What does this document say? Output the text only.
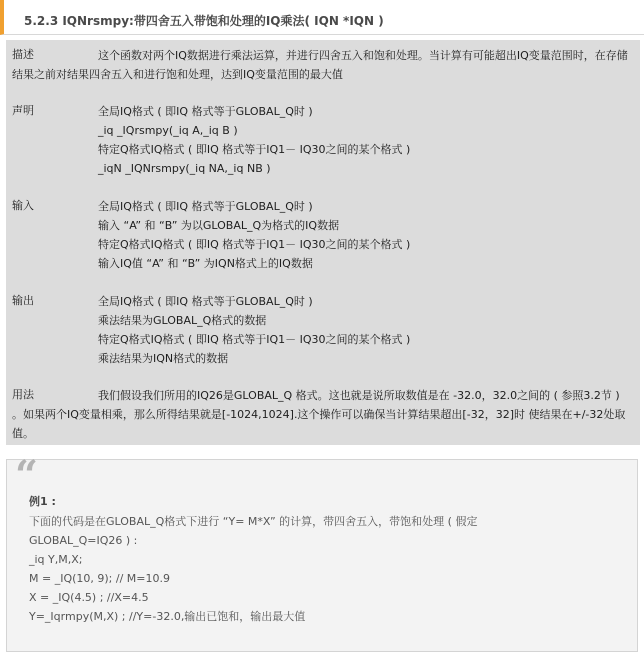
5.2.3 IQNrsmpy:带四舍五入带饱和处理的IQ乘法( IQN *IQN )
描述	这个函数对两个IQ数据进行乘法运算，并进行四舍五入和饱和处理。当计算有可能超出IQ变量范围时，在存储结果之前对结果四舍五入和进行饱和处理，达到IQ变量范围的最大值
声明	全局IQ格式 ( 即IQ 格式等于GLOBAL_Q时 )
_iq _IQrsmpy(_iq A,_iq B )
特定Q格式IQ格式 ( 即IQ 格式等于IQ1－ IQ30之间的某个格式 )
_iqN _IQNrsmpy(_iq NA,_iq NB )
输入	全局IQ格式 ( 即IQ 格式等于GLOBAL_Q时 )
输入 “A” 和 “B” 为以GLOBAL_Q为格式的IQ数据
特定Q格式IQ格式 ( 即IQ 格式等于IQ1－ IQ30之间的某个格式 )
输入IQ值 “A” 和 “B” 为IQN格式上的IQ数据
输出	全局IQ格式 ( 即IQ 格式等于GLOBAL_Q时 )
乘法结果为GLOBAL_Q格式的数据
特定Q格式IQ格式 ( 即IQ 格式等于IQ1－ IQ30之间的某个格式 )
乘法结果为IQN格式的数据
用法	我们假设我们所用的IQ26是GLOBAL_Q 格式。这也就是说所取数值是在 -32.0，32.0之间的 ( 参照3.2节 ) 。如果两个IQ变量相乘，那么所得结果就是[-1024,1024].这个操作可以确保当计算结果超出[-32，32]时 使结果在+/-32处取值。
“
例1 :
下面的代码是在GLOBAL_Q格式下进行 “Y= M*X” 的计算，带四舍五入，带饱和处理 ( 假定
GLOBAL_Q=IQ26 ) :
_iq Y,M,X;
M = _IQ(10, 9); // M=10.9
X = _IQ(4.5) ; //X=4.5
Y=_Iqrmpy(M,X) ; //Y=-32.0,输出已饱和，输出最大值
